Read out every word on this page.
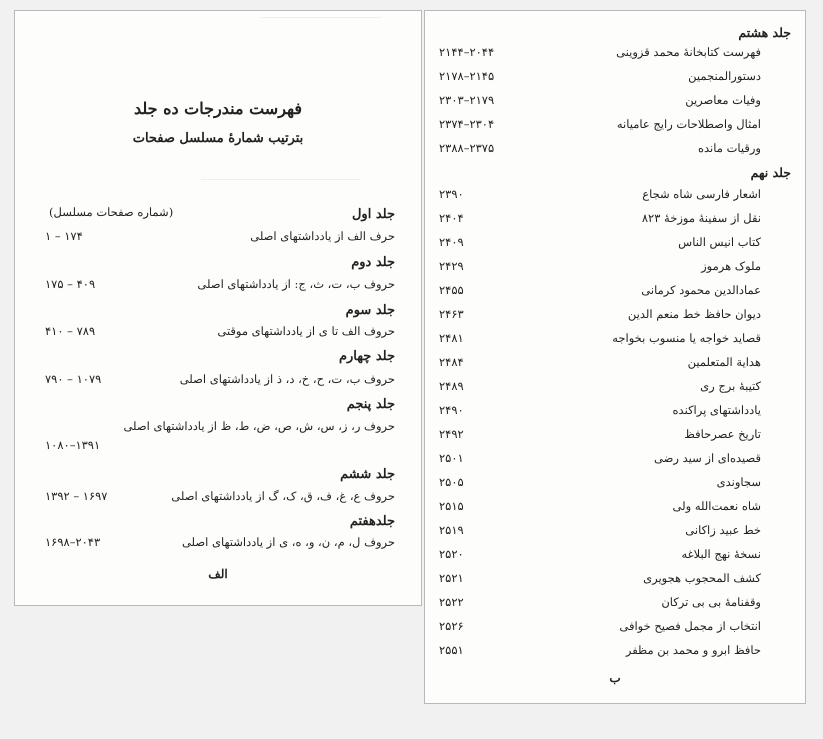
فهرست مندرجات ده جلد
بترتیب شمارهٔ مسلسل صفحات
(شماره صفحات مسلسل)	جلد اول
حرف الف از یادداشتهای اصلی
۱ – ۱۷۴
جلد دوم
حروف ب، ت، ث، ج: از یادداشتهای اصلی
۱۷۵ – ۴۰۹
جلد سوم
حروف الف تا ی از یادداشتهای موقتی
۴۱۰ – ۷۸۹
جلد چهارم
حروف ب، ت، ح، خ، د، ذ از یادداشتهای اصلی
۷۹۰ – ۱۰۷۹
جلد پنجم
حروف ر، ز، س، ش، ص، ض، ط، ظ از یادداشتهای اصلی
۱۰۸۰–۱۳۹۱
جلد ششم
حروف ع، غ، ف، ق، ک، گ از یادداشتهای اصلی
۱۳۹۲ – ۱۶۹۷
جلدهفتم
حروف ل، م، ن، و، ه، ی از یادداشتهای اصلی
۱۶۹۸–۲۰۴۳
الف
جلد هشتم
فهرست کتابخانهٔ محمد قزوینی
۲۱۴۴–۲۰۴۴
دستورالمنجمین
۲۱۷۸–۲۱۴۵
وفیات معاصرین
۲۳۰۳–۲۱۷۹
امثال واصطلاحات رایج عامیانه
۲۳۷۴–۲۳۰۴
ورقیات مانده
۲۳۸۸–۲۳۷۵
جلد نهم
اشعار فارسی شاه شجاع
۲۳۹۰
نقل از سفینهٔ موزخهٔ ۸۲۳
۲۴۰۴
کتاب انیس الناس
۲۴۰۹
ملوک هرموز
۲۴۲۹
عمادالدین محمود کرمانی
۲۴۵۵
دیوان حافظ خط منعم الدین
۲۴۶۳
قصاید خواجه یا منسوب بخواجه
۲۴۸۱
هدایة المتعلمین
۲۴۸۴
کتیبهٔ برج ری
۲۴۸۹
یادداشتهای پراکنده
۲۴۹۰
تاریخ عصرحافظ
۲۴۹۲
قصیده‌ای از سید رضی
۲۵۰۱
سجاوندی
۲۵۰۵
شاه نعمت‌الله ولی
۲۵۱۵
خط عبید زاکانی
۲۵۱۹
نسخهٔ نهج البلاغه
۲۵۲۰
کشف المحجوب هجویری
۲۵۲۱
وقفنامهٔ بی بی ترکان
۲۵۲۲
انتخاب از مجمل فصیح خوافی
۲۵۲۶
حافظ ابرو و محمد بن مظفر
۲۵۵۱
ب
